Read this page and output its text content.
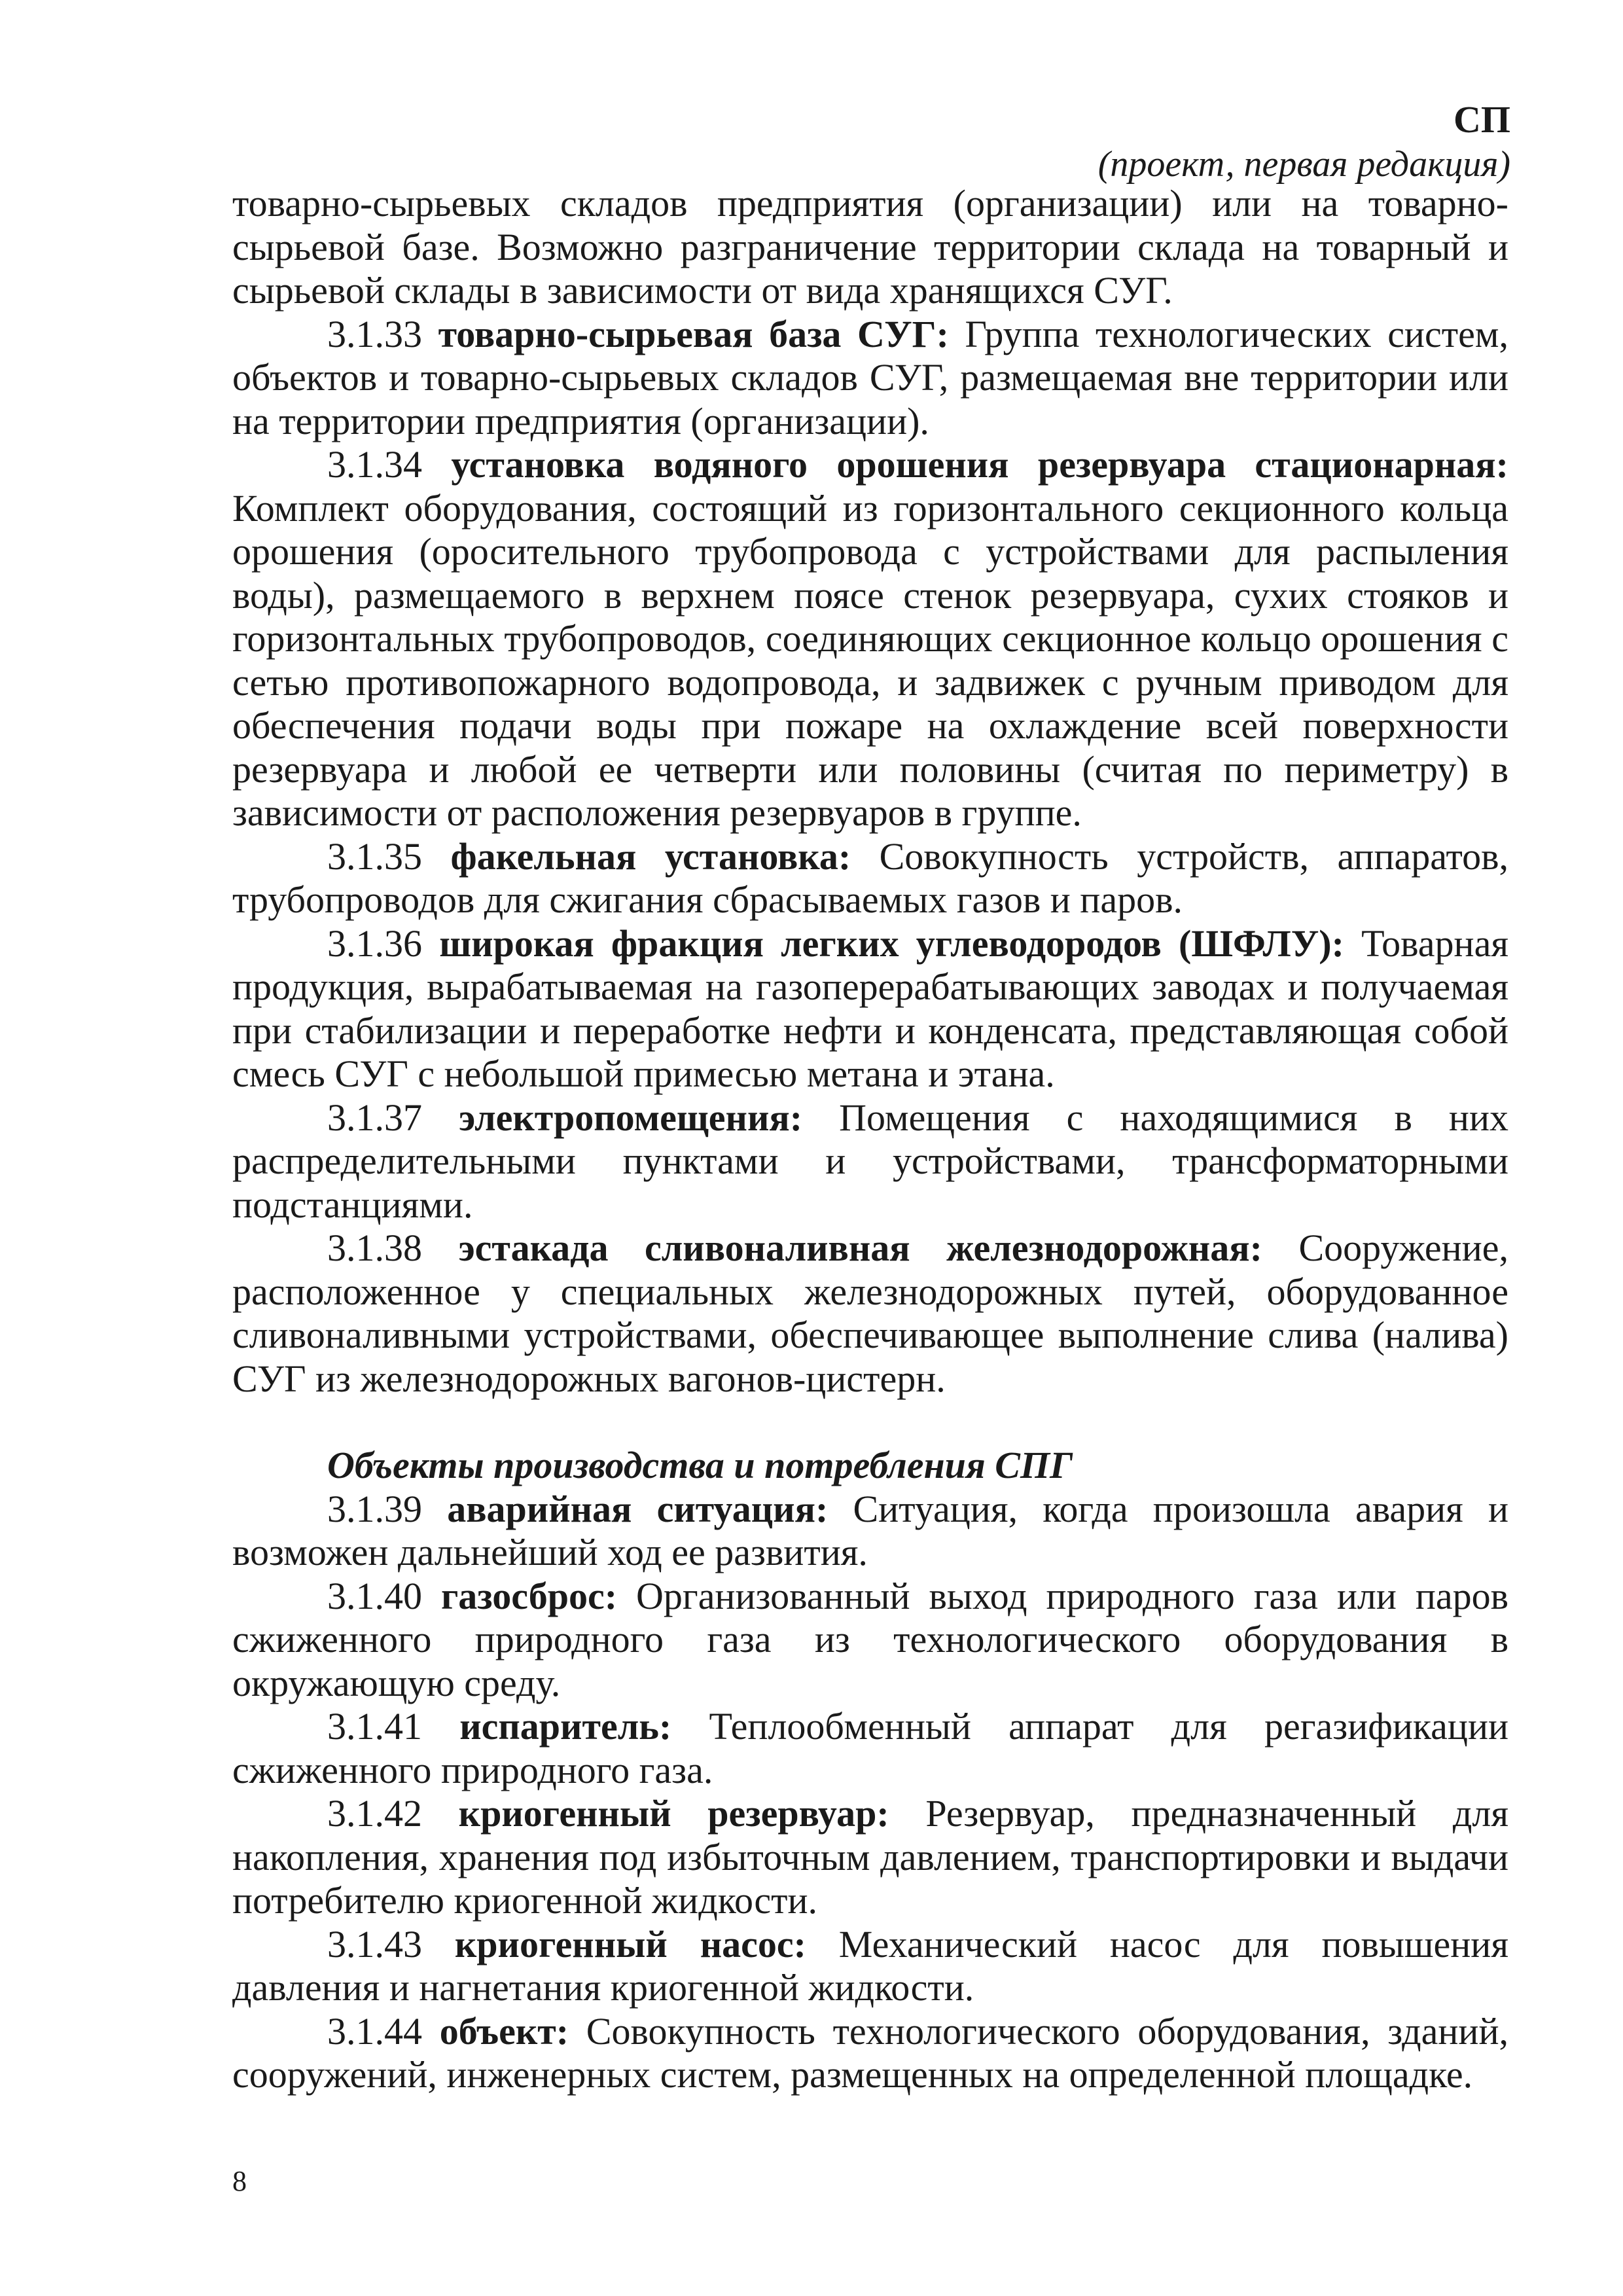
СП
(проект, первая редакция)

товарно-сырьевых складов предприятия (организации) или на товарно-сырьевой базе. Возможно разграничение территории склада на товарный и сырьевой склады в зависимости от вида хранящихся СУГ.

3.1.33 товарно-сырьевая база СУГ: Группа технологических систем, объектов и товарно-сырьевых складов СУГ, размещаемая вне территории или на территории предприятия (организации).

3.1.34 установка водяного орошения резервуара стационарная: Комплект оборудования, состоящий из горизонтального секционного кольца орошения (оросительного трубопровода с устройствами для распыления воды), размещаемого в верхнем поясе стенок резервуара, сухих стояков и горизонтальных трубопроводов, соединяющих секционное кольцо орошения с сетью противопожарного водопровода, и задвижек с ручным приводом для обеспечения подачи воды при пожаре на охлаждение всей поверхности резервуара и любой ее четверти или половины (считая по периметру) в зависимости от расположения резервуаров в группе.

3.1.35 факельная установка: Совокупность устройств, аппаратов, трубопроводов для сжигания сбрасываемых газов и паров.

3.1.36 широкая фракция легких углеводородов (ШФЛУ): Товарная продукция, вырабатываемая на газоперерабатывающих заводах и получаемая при стабилизации и переработке нефти и конденсата, представляющая собой смесь СУГ с небольшой примесью метана и этана.

3.1.37 электропомещения: Помещения с находящимися в них распределительными пунктами и устройствами, трансформаторными подстанциями.

3.1.38 эстакада сливоналивная железнодорожная: Сооружение, расположенное у специальных железнодорожных путей, оборудованное сливоналивными устройствами, обеспечивающее выполнение слива (налива) СУГ из железнодорожных вагонов-цистерн.

Объекты производства и потребления СПГ

3.1.39 аварийная ситуация: Ситуация, когда произошла авария и возможен дальнейший ход ее развития.

3.1.40 газосброс: Организованный выход природного газа или паров сжиженного природного газа из технологического оборудования в окружающую среду.

3.1.41 испаритель: Теплообменный аппарат для регазификации сжиженного природного газа.

3.1.42 криогенный резервуар: Резервуар, предназначенный для накопления, хранения под избыточным давлением, транспортировки и выдачи потребителю криогенной жидкости.

3.1.43 криогенный насос: Механический насос для повышения давления и нагнетания криогенной жидкости.

3.1.44 объект: Совокупность технологического оборудования, зданий, сооружений, инженерных систем, размещенных на определенной площадке.

8
